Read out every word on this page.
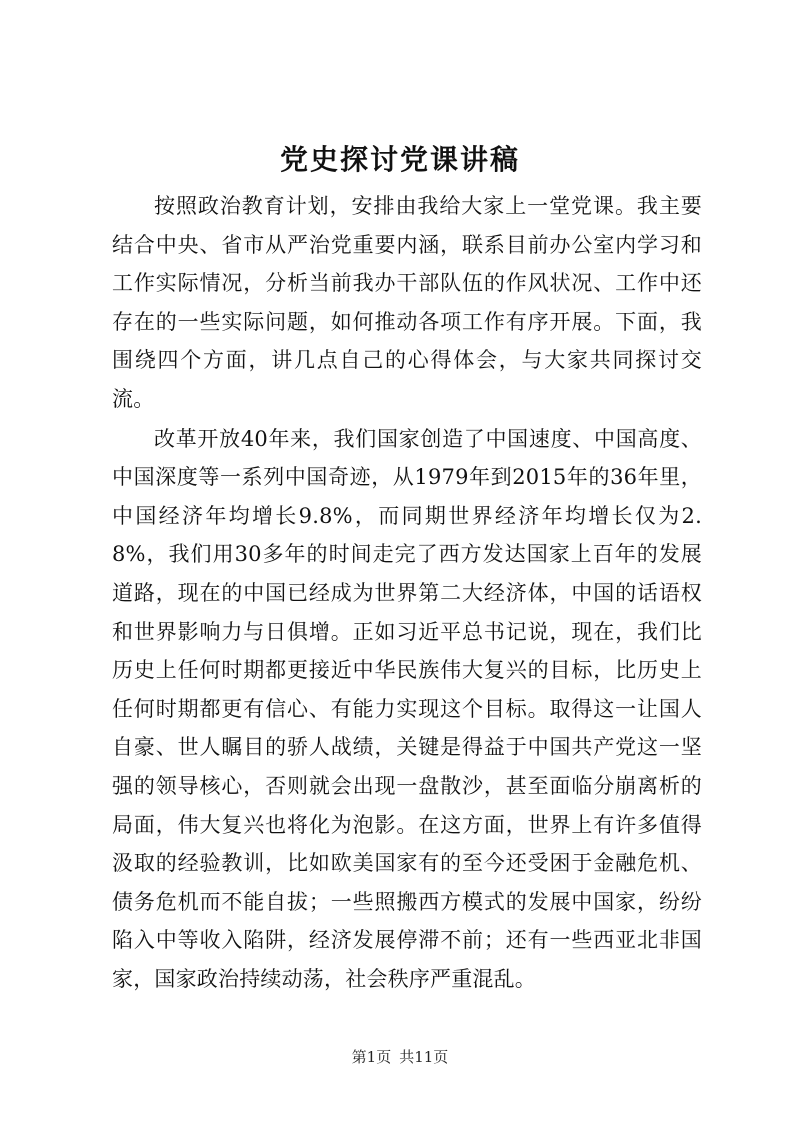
党史探讨党课讲稿

按照政治教育计划，安排由我给大家上一堂党课。我主要结合中央、省市从严治党重要内涵，联系目前办公室内学习和工作实际情况，分析当前我办干部队伍的作风状况、工作中还存在的一些实际问题，如何推动各项工作有序开展。下面，我围绕四个方面，讲几点自己的心得体会，与大家共同探讨交流。

改革开放40年来，我们国家创造了中国速度、中国高度、中国深度等一系列中国奇迹，从1979年到2015年的36年里，中国经济年均增长9.8%，而同期世界经济年均增长仅为2.8%，我们用30多年的时间走完了西方发达国家上百年的发展道路，现在的中国已经成为世界第二大经济体，中国的话语权和世界影响力与日俱增。正如习近平总书记说，现在，我们比历史上任何时期都更接近中华民族伟大复兴的目标，比历史上任何时期都更有信心、有能力实现这个目标。取得这一让国人自豪、世人瞩目的骄人战绩，关键是得益于中国共产党这一坚强的领导核心，否则就会出现一盘散沙，甚至面临分崩离析的局面，伟大复兴也将化为泡影。在这方面，世界上有许多值得汲取的经验教训，比如欧美国家有的至今还受困于金融危机、债务危机而不能自拔；一些照搬西方模式的发展中国家，纷纷陷入中等收入陷阱，经济发展停滞不前；还有一些西亚北非国家，国家政治持续动荡，社会秩序严重混乱。

第1页 共11页
